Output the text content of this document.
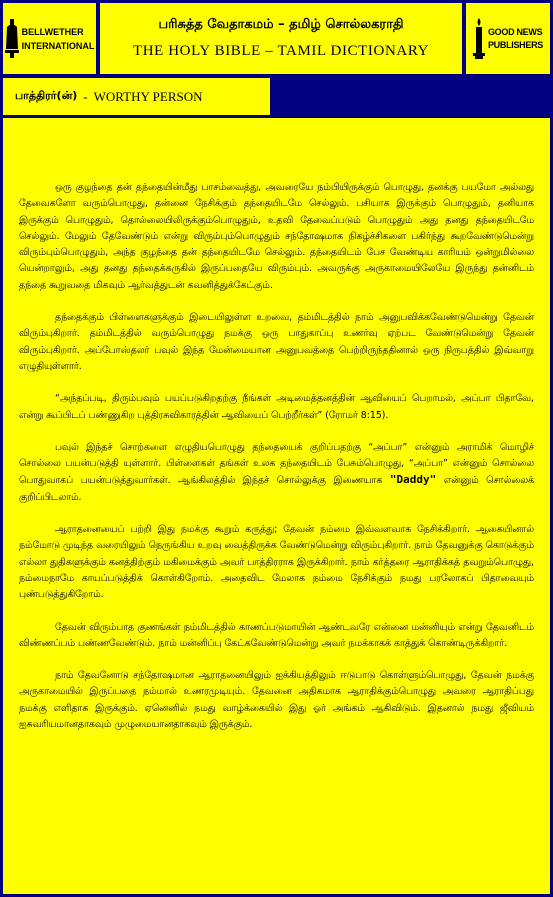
BELLWETHER
INTERNATIONAL
பரிசுத்த வேதாகமம் – தமிழ் சொல்லகராதி
THE HOLY BIBLE – TAMIL DICTIONARY
GOOD NEWS
PUBLISHERS
பாத்திரர்(ன்) - WORTHY PERSON

ஒரு குழந்தை தன் தந்தையின்மீது பாசம்வைத்து, அவரையே நம்பியிருக்கும் பொழுது, தனக்கு பயமோ அல்லது தேவைகளோ வரும்பொழுது, தன்னை நேசிக்கும் தந்தையிடமே செல்லும். பசியாக இருக்கும் பொழுதும், தனியாக இருக்கும் பொழுதும், தொல்லையிலிருக்கும்பொழுதும், உதவி தேவைப்படும் பொழுதும் அது தனது தந்தையிடமே செல்லும். மேலும் தேவேண்டும் என்று விரும்பும்பொழுதும் சந்தோஷமாக நிகழ்ச்சிகளை பகிர்ந்து கூறவேண்டுமென்று விரும்பும்பொழுதும், அந்த குழந்தை தன் தந்தையிடமே செல்லும். தந்தையிடம் பேச வேண்டிய காரியம் ஒன்றுமில்லை யென்றாலும், அது தனது தந்தைக்கருகில் இருப்பதையே விரும்பும். அவருக்கு அருகாமையிலேயே இருந்து தன்னிடம் தந்தை கூறுவதை மிகவும் ஆர்வத்துடன் கவனித்துக்கேட்கும்.

தந்தைக்கும் பிள்ளைகளுக்கும் இடையிலுள்ள உறவை, தம்மிடத்தில் நாம் அனுபவிக்கவேண்டுமென்று தேவன் விரும்புகிறார். தம்மிடத்தில் வரும்பொழுது நமக்கு ஒரு பாதுகாப்பு உணர்வு ஏற்பட வேண்டுமென்று தேவன் விரும்புகிறார். அப்போஸ்தலர் பவுல் இந்த மேன்மையான அனுபவத்தை பெற்றிருந்ததினால் ஒரு நிருபத்தில் இவ்வாறு எழுதியுள்ளார்.

“அந்தப்படி, திரும்பவும் பயப்படுகிறதற்கு நீங்கள் அடிமைத்தனத்தின் ஆவியைப் பெறாமல், அப்பா பிதாவே, என்று கூப்பிடப் பண்ணுகிற புத்திரசுவிகாரத்தின் ஆவியைப் பெற்றீர்கள்” (ரோமர் 8:15).

பவுல் இந்தச் சொற்களை எழுதியபொழுது தந்தையைக் குறிப்பதற்கு “அப்பா” என்னும் அராமிக் மொழிச் சொல்லை பயன்படுத்தி யுள்ளார். பிள்ளைகள் தங்கள் உலக தந்தையிடம் பேசும்பொழுது, “அப்பா” என்னும் சொல்லை பொதுவாகப் பயன்படுத்துவார்கள். ஆங்கிலத்தில் இந்தச் சொல்லுக்கு இணையாக "Daddy" என்னும் சொல்லைக் குறிப்பிடலாம்.

ஆராதனையைப் பற்றி இது நமக்கு கூறும் கருத்து; தேவன் நம்மை இவ்வளவாக நேசிக்கிறார். ஆகையினால் நம்மோடு முடிந்த வரையிலும் நெருங்கிய உறவு வைத்திருக்க வேண்டுமென்று விரும்புகிறார். நாம் தேவனுக்கு கொடுக்கும் எல்லா துதிகளுக்கும் கனத்திற்கும் மகிமைக்கும் அவர் பாத்திரராக இருக்கிறார். நாம் கர்த்தரை ஆராதிக்கத் தவறும்பொழுது, நம்மைநாமே காயப்படுத்திக் கொள்கிறோம். அதைவிட மேலாக நம்மை நேசிக்கும் நமது பரலோகப் பிதாவையும் புண்படுத்துகிறோம்.

தேவன் விரும்பாத குணங்கள் நம்மிடத்தில் காணப்படுமாயின் ஆண்டவரே என்னை மன்னியும் என்று தேவனிடம் விண்ணப்பம் பண்ணவேண்டும். நாம் மன்னிப்பு கேட்கவேண்டுமென்று அவர் நமக்காகக் காத்துக் கொண்டிருக்கிறார்.

நாம் தேவனோடு சந்தோஷமான ஆராதனையிலும் ஐக்கியத்திலும் ஈடுபாடு கொள்ளும்பொழுது, தேவன் நமக்கு அருகாமையில் இருப்பதை நம்மால் உணரமுடியும். தேவனை அதிகமாக ஆராதிக்கும்பொழுது அவரை ஆராதிப்பது நமக்கு எளிதாக இருக்கும். ஏனெனில் நமது வாழ்க்கையில் இது ஓர் அங்கம் ஆகிவிடும். இதனால் நமது ஜீவியம் ஐசுவரியமானதாகவும் முழுமையானதாகவும் இருக்கும்.
